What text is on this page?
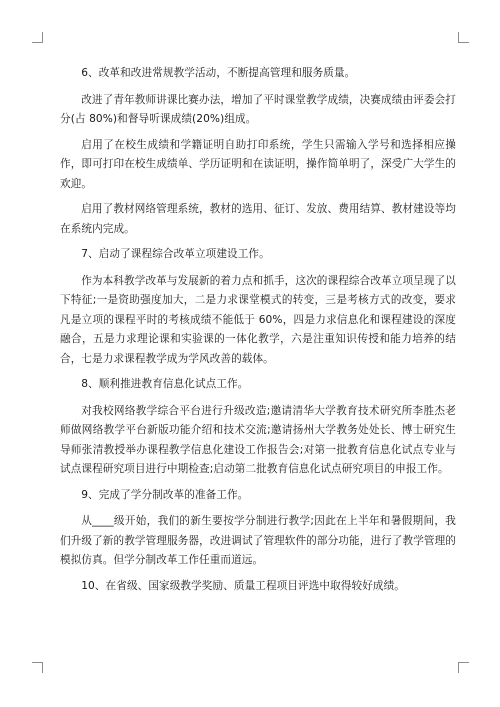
6、改革和改进常规教学活动，不断提高管理和服务质量。

改进了青年教师讲课比赛办法，增加了平时课堂教学成绩，决赛成绩由评委会打分(占 80%)和督导听课成绩(20%)组成。

启用了在校生成绩和学籍证明自助打印系统，学生只需输入学号和选择相应操作，即可打印在校生成绩单、学历证明和在读证明，操作简单明了，深受广大学生的欢迎。

启用了教材网络管理系统，教材的选用、征订、发放、费用结算、教材建设等均在系统内完成。

7、启动了课程综合改革立项建设工作。

作为本科教学改革与发展新的着力点和抓手，这次的课程综合改革立项呈现了以下特征;一是资助强度加大，二是力求课堂模式的转变，三是考核方式的改变，要求凡是立项的课程平时的考核成绩不能低于 60%，四是力求信息化和课程建设的深度融合，五是力求理论课和实验课的一体化教学，六是注重知识传授和能力培养的结合，七是力求课程教学成为学风改善的载体。

8、顺利推进教育信息化试点工作。

对我校网络教学综合平台进行升级改造;邀请清华大学教育技术研究所李胜杰老师做网络教学平台新版功能介绍和技术交流;邀请扬州大学教务处处长、博士研究生导师张清教授举办课程教学信息化建设工作报告会;对第一批教育信息化试点专业与试点课程研究项目进行中期检查;启动第二批教育信息化试点研究项目的申报工作。

9、完成了学分制改革的准备工作。

从____级开始，我们的新生要按学分制进行教学;因此在上半年和暑假期间，我们升级了新的教学管理服务器，改进调试了管理软件的部分功能，进行了教学管理的模拟仿真。但学分制改革工作任重而道远。

10、在省级、国家级教学奖励、质量工程项目评选中取得较好成绩。
